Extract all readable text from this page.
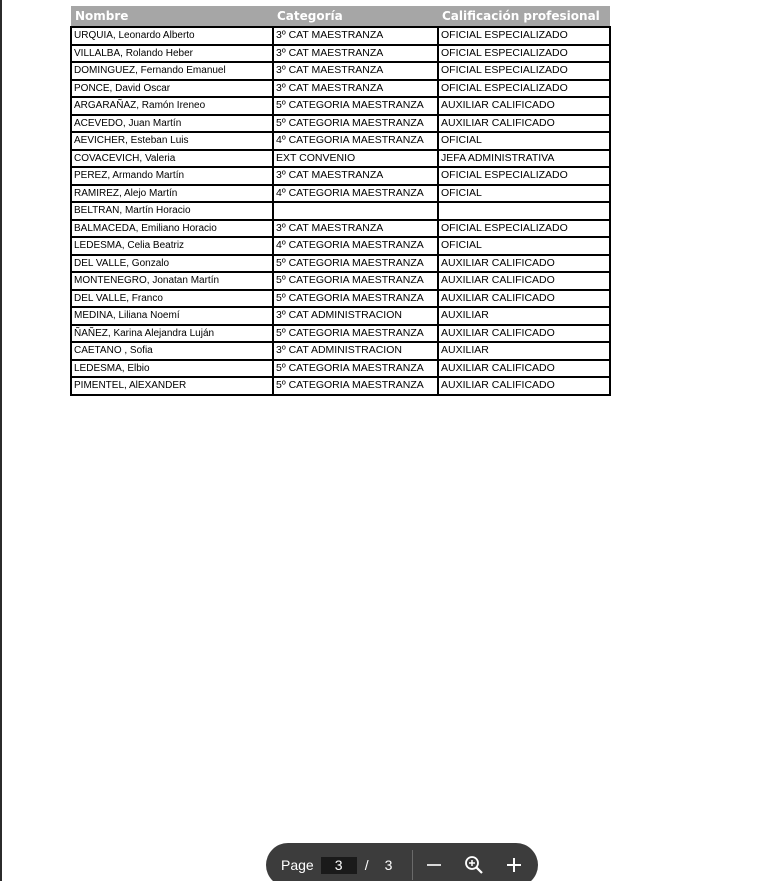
Nombre	Categoría	Calificación profesional
URQUIA, Leonardo Alberto	3º CAT MAESTRANZA	OFICIAL ESPECIALIZADO
VILLALBA, Rolando Heber	3º CAT MAESTRANZA	OFICIAL ESPECIALIZADO
DOMINGUEZ, Fernando Emanuel	3º CAT MAESTRANZA	OFICIAL ESPECIALIZADO
PONCE, David Oscar	3º CAT MAESTRANZA	OFICIAL ESPECIALIZADO
ARGARAÑAZ, Ramón Ireneo	5º CATEGORIA MAESTRANZA	AUXILIAR CALIFICADO
ACEVEDO, Juan Martín	5º CATEGORIA MAESTRANZA	AUXILIAR CALIFICADO
AEVICHER, Esteban Luis	4º CATEGORIA MAESTRANZA	OFICIAL
COVACEVICH, Valeria	EXT CONVENIO	JEFA ADMINISTRATIVA
PEREZ, Armando Martín	3º CAT MAESTRANZA	OFICIAL ESPECIALIZADO
RAMIREZ, Alejo Martín	4º CATEGORIA MAESTRANZA	OFICIAL
BELTRAN, Martín Horacio		
BALMACEDA, Emiliano Horacio	3º CAT MAESTRANZA	OFICIAL ESPECIALIZADO
LEDESMA, Celia Beatriz	4º CATEGORIA MAESTRANZA	OFICIAL
DEL VALLE, Gonzalo	5º CATEGORIA MAESTRANZA	AUXILIAR CALIFICADO
MONTENEGRO, Jonatan Martín	5º CATEGORIA MAESTRANZA	AUXILIAR CALIFICADO
DEL VALLE, Franco	5º CATEGORIA MAESTRANZA	AUXILIAR CALIFICADO
MEDINA, Liliana Noemí	3º CAT ADMINISTRACION	AUXILIAR
ÑAÑEZ, Karina Alejandra Luján	5º CATEGORIA MAESTRANZA	AUXILIAR CALIFICADO
CAETANO , Sofia	3º CAT ADMINISTRACION	AUXILIAR
LEDESMA, Elbio	5º CATEGORIA MAESTRANZA	AUXILIAR CALIFICADO
PIMENTEL, AlEXANDER	5º CATEGORIA MAESTRANZA	AUXILIAR CALIFICADO
Page
3	/ 3
